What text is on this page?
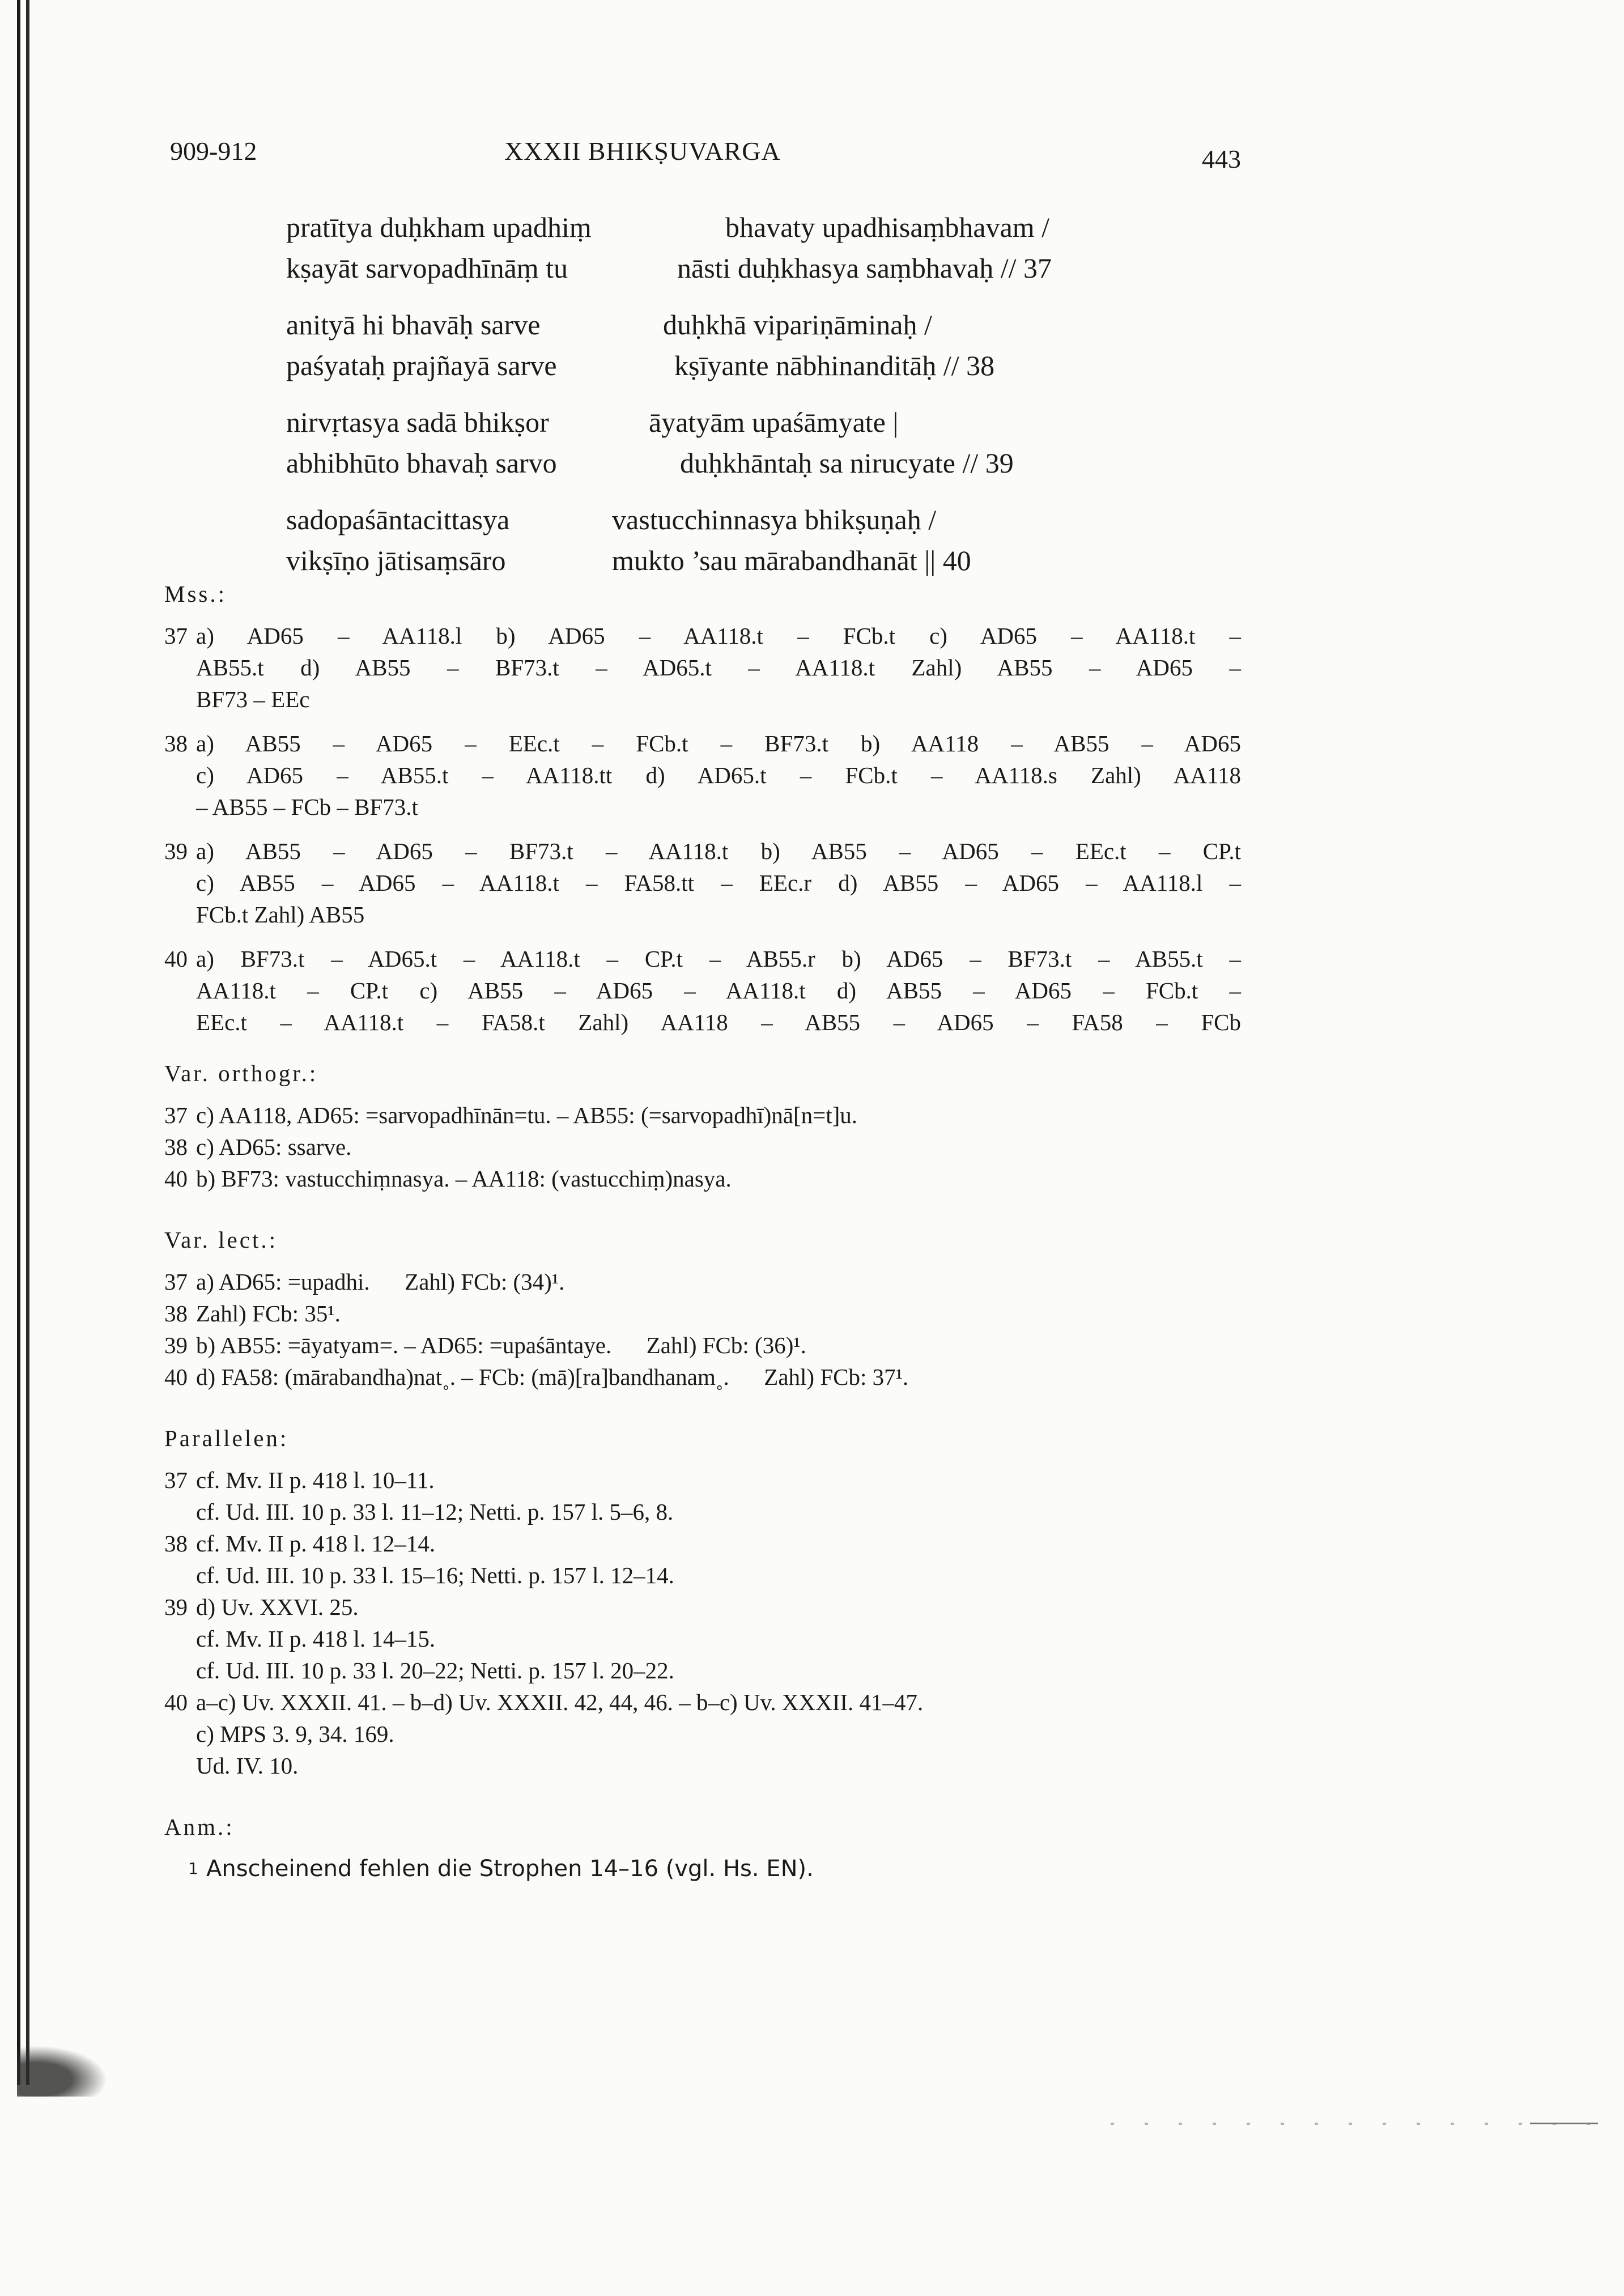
909-912	XXXII BHIKṢUVARGA	443
pratītya duḥkham upadhiṃ	bhavaty upadhisaṃbhavam /
kṣayāt sarvopadhīnāṃ tu	nāsti duḥkhasya saṃbhavaḥ // 37
anityā hi bhavāḥ sarve	duḥkhā vipariṇāminaḥ /
paśyataḥ prajñayā sarve	kṣīyante nābhinanditāḥ // 38
nirvṛtasya sadā bhikṣor	āyatyām upaśāmyate |
abhibhūto bhavaḥ sarvo	duḥkhāntaḥ sa nirucyate // 39
sadopaśāntacittasya	vastucchinnasya bhikṣuṇaḥ /
vikṣīṇo jātisaṃsāro	mukto ’sau mārabandhanāt || 40
Mss.:
37 a) AD65 – AA118.l b) AD65 – AA118.t – FCb.t c) AD65 – AA118.t –
AB55.t d) AB55 – BF73.t – AD65.t – AA118.t Zahl) AB55 – AD65 –
BF73 – EEc
38 a) AB55 – AD65 – EEc.t – FCb.t – BF73.t b) AA118 – AB55 – AD65
c) AD65 – AB55.t – AA118.tt d) AD65.t – FCb.t – AA118.s Zahl) AA118
– AB55 – FCb – BF73.t
39 a) AB55 – AD65 – BF73.t – AA118.t b) AB55 – AD65 – EEc.t – CP.t
c) AB55 – AD65 – AA118.t – FA58.tt – EEc.r d) AB55 – AD65 – AA118.l –
FCb.t Zahl) AB55
40 a) BF73.t – AD65.t – AA118.t – CP.t – AB55.r b) AD65 – BF73.t – AB55.t –
AA118.t – CP.t c) AB55 – AD65 – AA118.t d) AB55 – AD65 – FCb.t –
EEc.t – AA118.t – FA58.t Zahl) AA118 – AB55 – AD65 – FA58 – FCb
Var. orthogr.:
37 c) AA118, AD65: =sarvopadhīnān=tu. – AB55: (=sarvopadhī)nā[n=t]u.
38 c) AD65: ssarve.
40 b) BF73: vastucchiṃnasya. – AA118: (vastucchiṃ)nasya.
Var. lect.:
37 a) AD65: =upadhi.      Zahl) FCb: (34)¹.
38 Zahl) FCb: 35¹.
39 b) AB55: =āyatyam=. – AD65: =upaśāntaye.      Zahl) FCb: (36)¹.
40 d) FA58: (mārabandha)nat˳. – FCb: (mā)[ra]bandhanam˳.      Zahl) FCb: 37¹.
Parallelen:
37 cf. Mv. II p. 418 l. 10–11.
cf. Ud. III. 10 p. 33 l. 11–12; Netti. p. 157 l. 5–6, 8.
38 cf. Mv. II p. 418 l. 12–14.
cf. Ud. III. 10 p. 33 l. 15–16; Netti. p. 157 l. 12–14.
39 d) Uv. XXVI. 25.
cf. Mv. II p. 418 l. 14–15.
cf. Ud. III. 10 p. 33 l. 20–22; Netti. p. 157 l. 20–22.
40 a–c) Uv. XXXII. 41. – b–d) Uv. XXXII. 42, 44, 46. – b–c) Uv. XXXII. 41–47.
c) MPS 3. 9, 34. 169.
Ud. IV. 10.
Anm.:
1 Anscheinend fehlen die Strophen 14–16 (vgl. Hs. EN).
